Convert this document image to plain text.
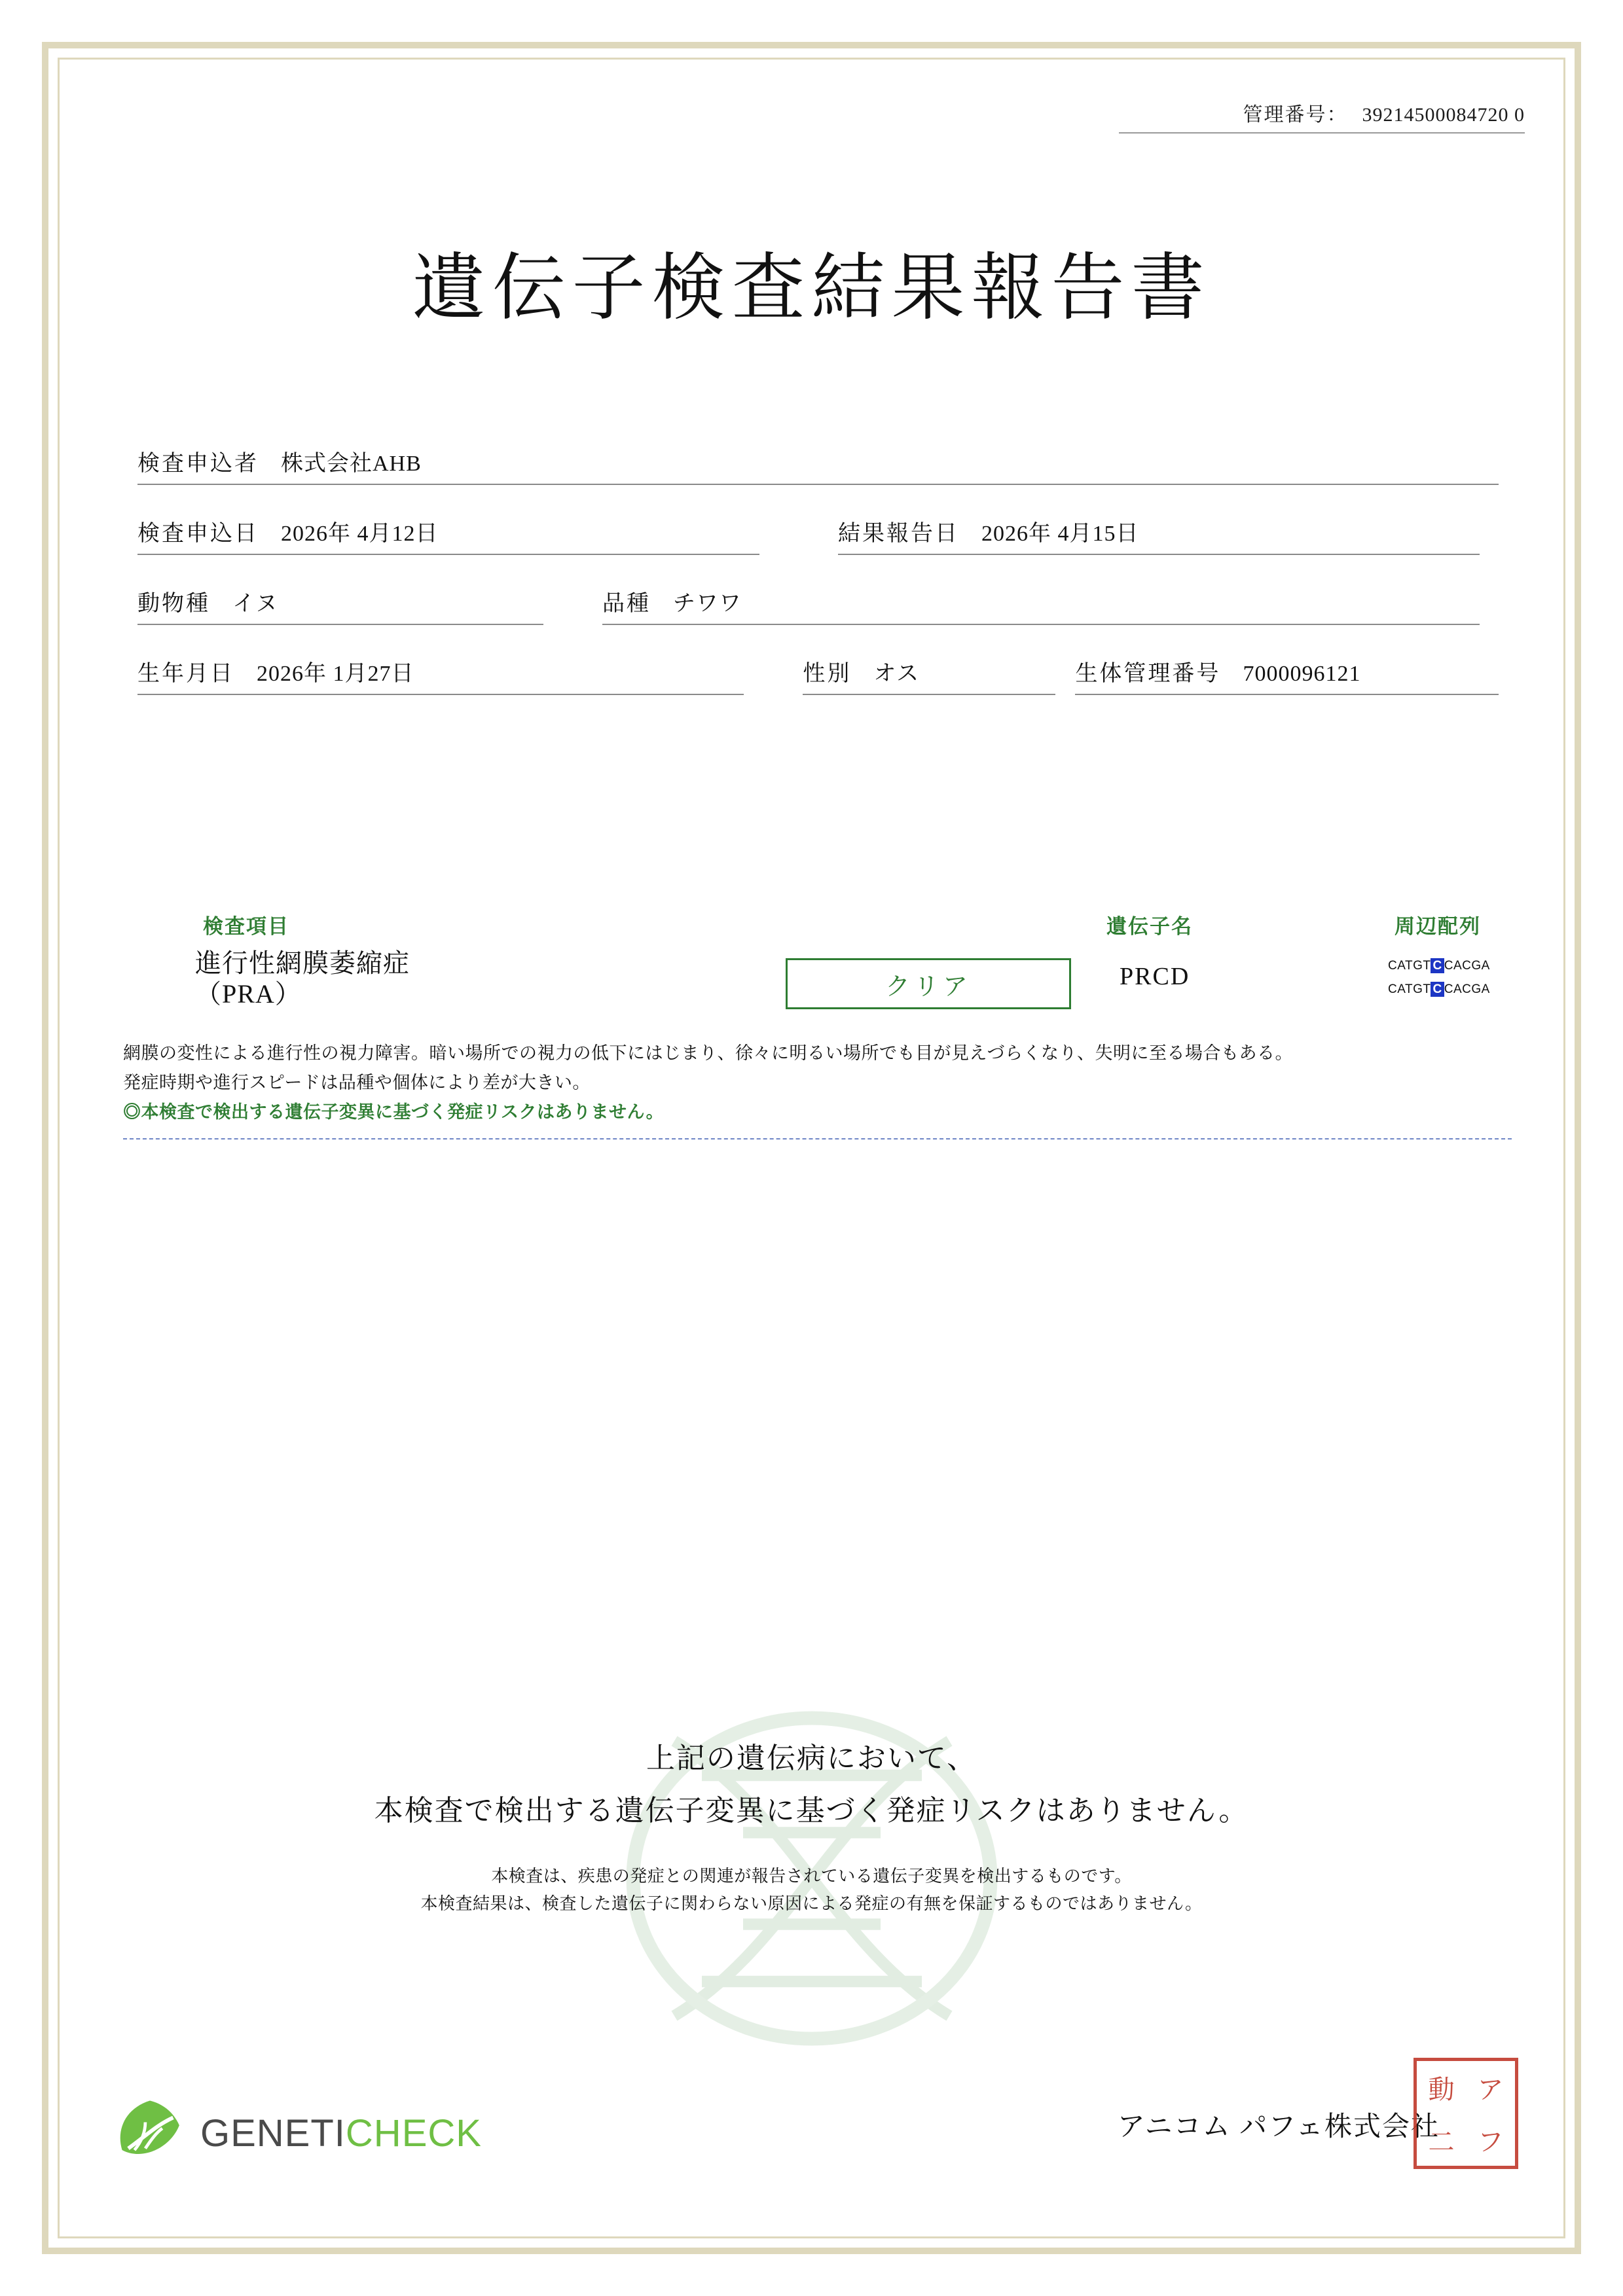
管理番号： 39214500084720 0
遺伝子検査結果報告書
検査申込者 株式会社AHB
検査申込日 2026年 4月12日	結果報告日 2026年 4月15日
動物種 イヌ	品種 チワワ
生年月日 2026年 1月27日	性別 オス	生体管理番号 7000096121
検査項目	遺伝子名	周辺配列
進行性網膜萎縮症
（PRA）	クリア	PRCD	CATGT C CACGA
CATGT C CACGA

網膜の変性による進行性の視力障害。暗い場所での視力の低下にはじまり、徐々に明るい場所でも目が見えづらくなり、失明に至る場合もある。

発症時期や進行スピードは品種や個体により差が大きい。

◎本検査で検出する遺伝子変異に基づく発症リスクはありません。

上記の遺伝病において、
本検査で検出する遺伝子変異に基づく発症リスクはありません。
本検査は、疾患の発症との関連が報告されている遺伝子変異を検出するものです。
本検査結果は、検査した遺伝子に関わらない原因による発症の有無を保証するものではありません。
GENETICHECK	アニコム パフェ株式会社
動 ア
二 フ
